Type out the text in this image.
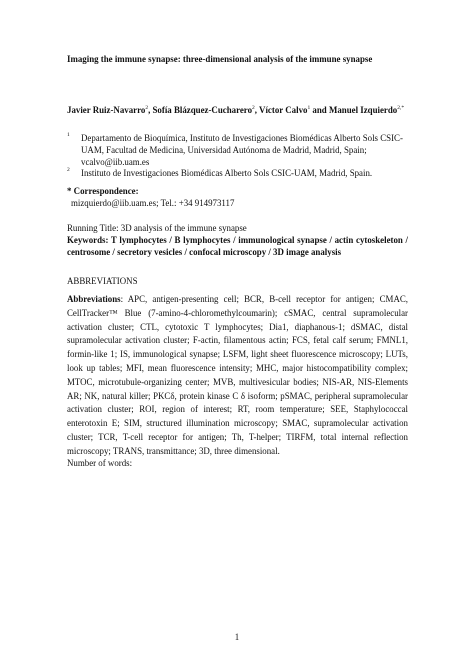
Imaging the immune synapse: three-dimensional analysis of the immune synapse
Javier Ruiz-Navarro$^2$, Sofía Blázquez-Cucharero$^2$, Víctor Calvo$^1$ and Manuel Izquierdo$^{2,*}$
1 Departamento de Bioquímica, Instituto de Investigaciones Biomédicas Alberto Sols CSIC-UAM, Facultad de Medicina, Universidad Autónoma de Madrid, Madrid, Spain; vcalvo@iib.uam.es
2 Instituto de Investigaciones Biomédicas Alberto Sols CSIC-UAM, Madrid, Spain.
* Correspondence:
mizquierdo@iib.uam.es; Tel.: +34 914973117
Running Title: 3D analysis of the immune synapse
Keywords: T lymphocytes / B lymphocytes / immunological synapse / actin cytoskeleton / centrosome / secretory vesicles / confocal microscopy / 3D image analysis
ABBREVIATIONS
Abbreviations: APC, antigen-presenting cell; BCR, B-cell receptor for antigen; CMAC, CellTracker™ Blue (7-amino-4-chloromethylcoumarin); cSMAC, central supramolecular activation cluster; CTL, cytotoxic T lymphocytes; Dia1, diaphanous-1; dSMAC, distal supramolecular activation cluster; F-actin, filamentous actin; FCS, fetal calf serum; FMNL1, formin-like 1; IS, immunological synapse; LSFM, light sheet fluorescence microscopy; LUTs, look up tables; MFI, mean fluorescence intensity; MHC, major histocompatibility complex; MTOC, microtubule-organizing center; MVB, multivesicular bodies; NIS-AR, NIS-Elements AR; NK, natural killer; PKCδ, protein kinase C δ isoform; pSMAC, peripheral supramolecular activation cluster; ROI, region of interest; RT, room temperature; SEE, Staphylococcal enterotoxin E; SIM, structured illumination microscopy; SMAC, supramolecular activation cluster; TCR, T-cell receptor for antigen; Th, T-helper; TIRFM, total internal reflection microscopy; TRANS, transmittance; 3D, three dimensional.
Number of words:
1
